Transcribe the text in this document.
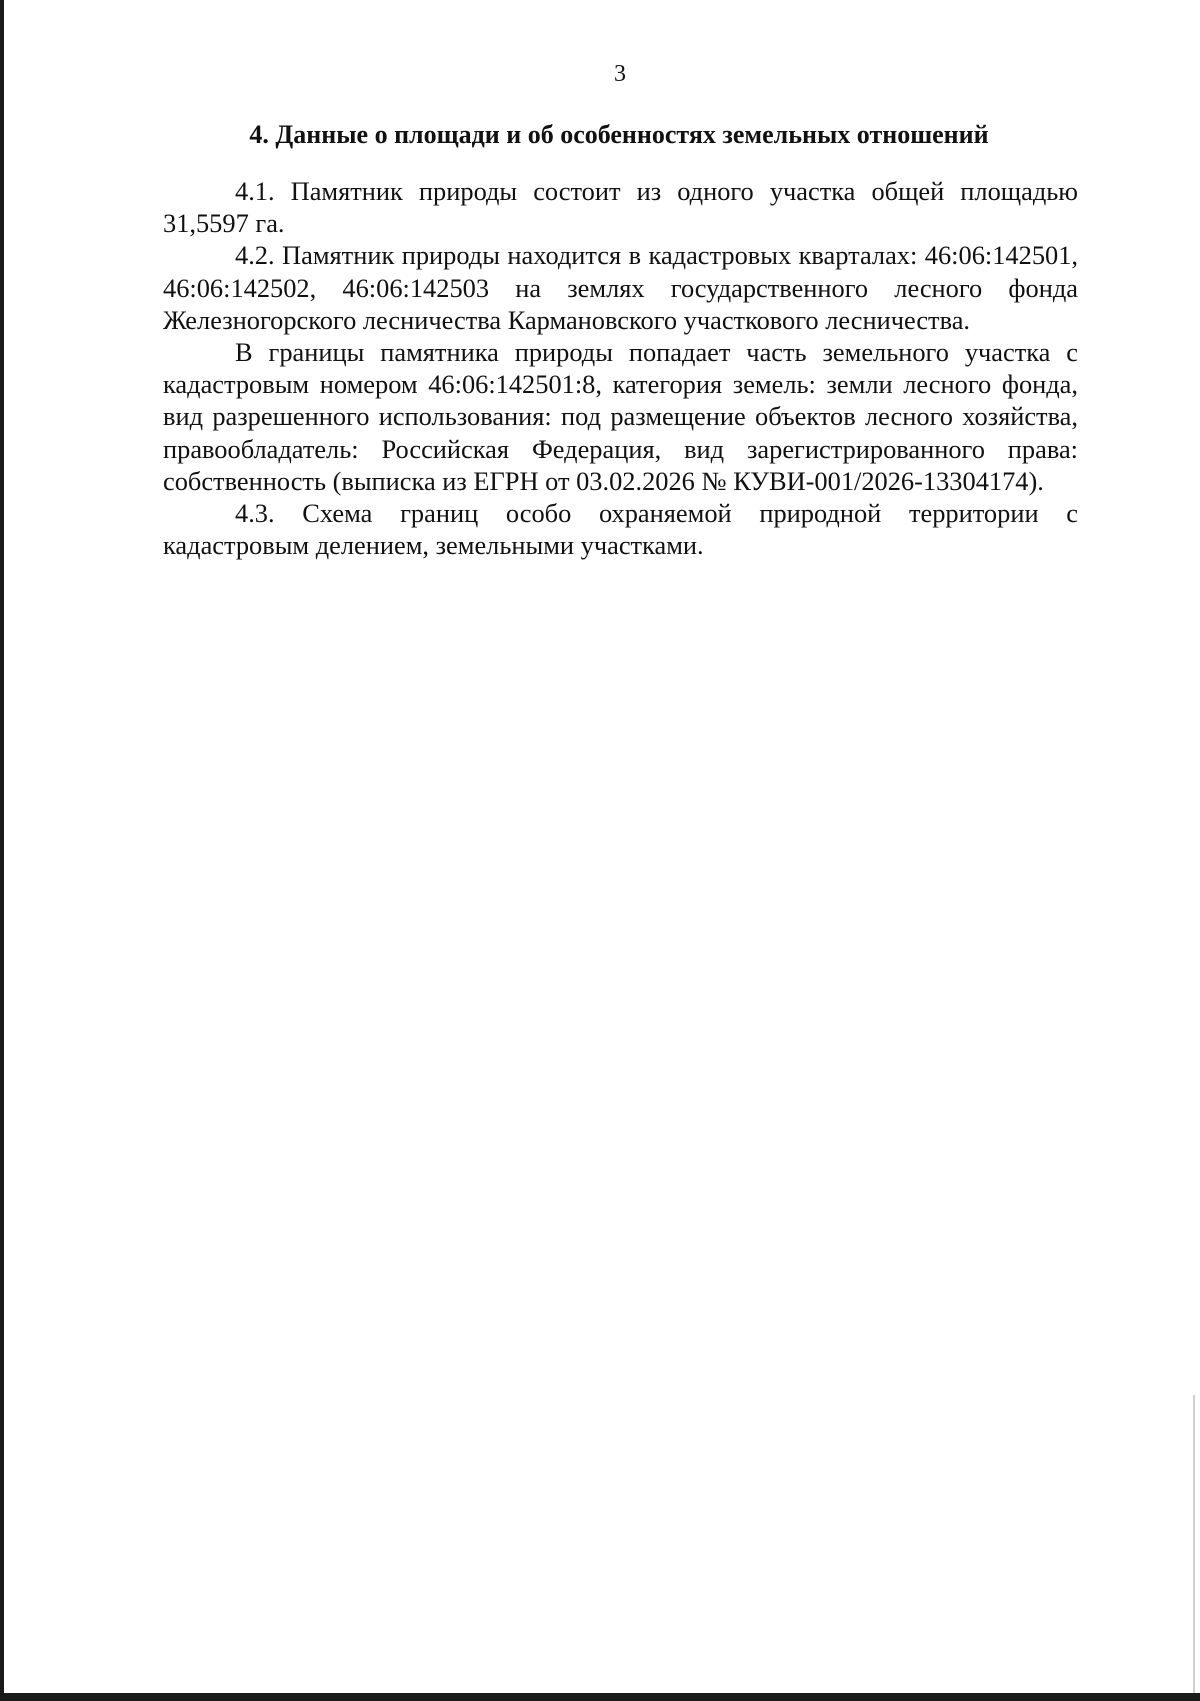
3
4. Данные о площади и об особенностях земельных отношений

4.1. Памятник природы состоит из одного участка общей площадью 31,5597 га.

4.2. Памятник природы находится в кадастровых кварталах: 46:06:142501, 46:06:142502, 46:06:142503 на землях государственного лесного фонда Железногорского лесничества Кармановского участкового лесничества.

В границы памятника природы попадает часть земельного участка с кадастровым номером 46:06:142501:8, категория земель: земли лесного фонда, вид разрешенного использования: под размещение объектов лесного хозяйства, правообладатель: Российская Федерация, вид зарегистрированного права: собственность (выписка из ЕГРН от 03.02.2026 № КУВИ-001/2026-13304174).

4.3. Схема границ особо охраняемой природной территории с кадастровым делением, земельными участками.
